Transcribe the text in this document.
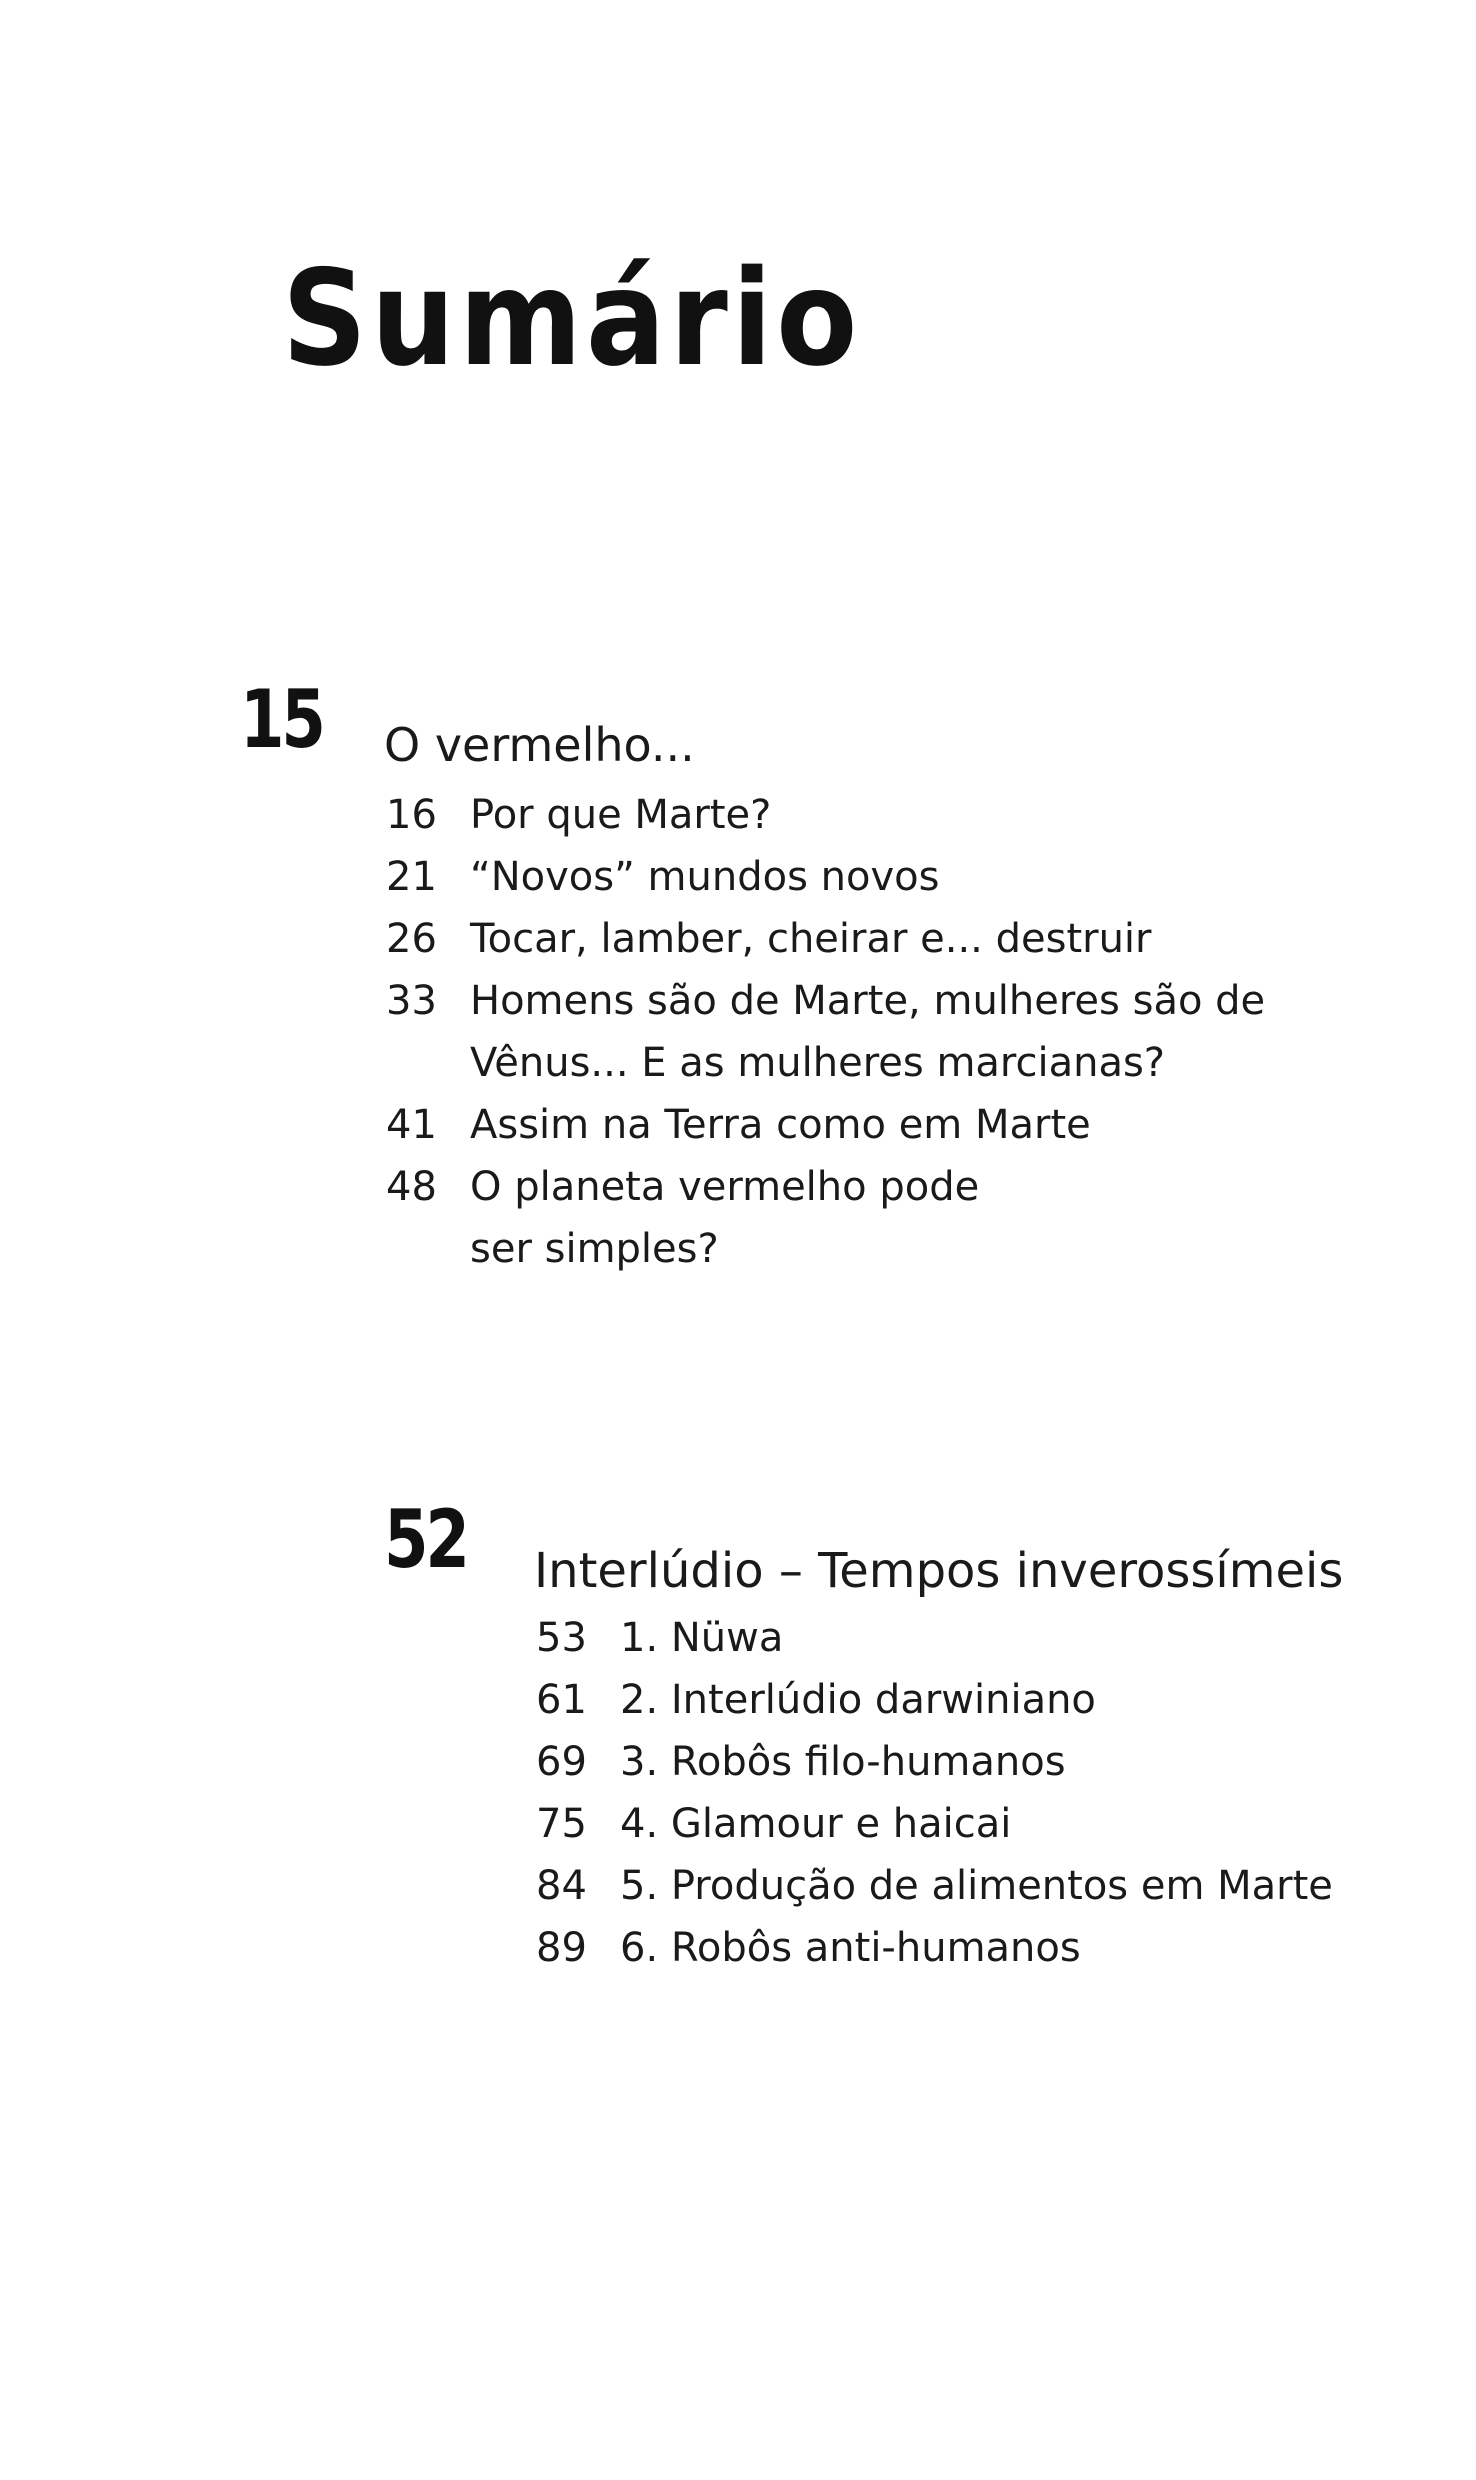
Sumário
15 O vermelho...
16 Por que Marte?
21 “Novos” mundos novos
26 Tocar, lamber, cheirar e... destruir
33 Homens são de Marte, mulheres são de
Vênus... E as mulheres marcianas?
41 Assim na Terra como em Marte
48 O planeta vermelho pode
ser simples?
52 Interlúdio – Tempos inverossímeis
53 1. Nüwa
61 2. Interlúdio darwiniano
69 3. Robôs filo-humanos
75 4. Glamour e haicai
84 5. Produção de alimentos em Marte
89 6. Robôs anti-humanos
